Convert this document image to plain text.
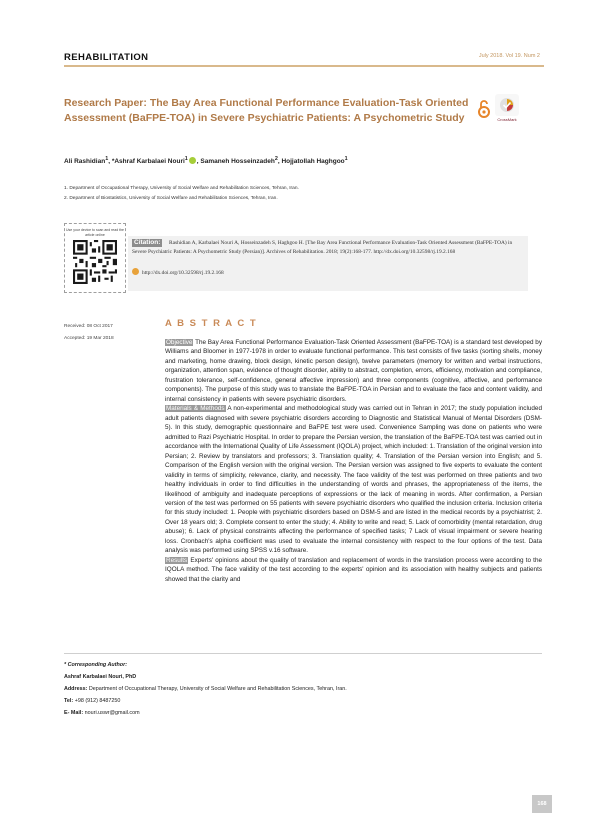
REHABILITATION	July 2018. Vol 19. Num 2
Research Paper: The Bay Area Functional Performance Evaluation-Task Oriented Assessment (BaFPE-TOA) in Severe Psychiatric Patients: A Psychometric Study	CrossMark
Ali Rashidian$^1$, *Ashraf Karbalaei Nouri$^1$ , Samaneh Hosseinzadeh$^2$, Hojjatollah Haghgoo$^1$
1. Department of Occupational Therapy, University of Social Welfare and Rehabilitation Sciences, Tehran, Iran.
2. Department of Biostatistics, University of Social Welfare and Rehabilitation Sciences, Tehran, Iran.
Use your device to scan and read the article online
Citation:	Rashidian A, Karbalaei Nouri A, Hosseinzadeh S, Haghgoo H. [The Bay Area Functional Performance Evaluation-Task Oriented Assessment (BaFPE-TOA) in Severe Psychiatric Patients: A Psychometric Study (Persian)]. Archives of Rehabilitation. 2018; 19(2):168-177. http://dx.doi.org/10.32598/rj.19.2.168
http://dx.doi.org/10.32598/rj.19.2.168
Received: 08 Oct 2017
Accepted: 19 Mar 2018
A B S T R A C T

Objective The Bay Area Functional Performance Evaluation-Task Oriented Assessment (BaFPE-TOA) is a standard test developed by Williams and Bloomer in 1977-1978 in order to evaluate functional performance. This test consists of five tasks (sorting shells, money and marketing, home drawing, block design, kinetic person design), twelve parameters (memory for written and verbal instructions, organization, attention span, evidence of thought disorder, ability to abstract, completion, errors, efficiency, motivation and compliance, frustration tolerance, self-confidence, general affective impression) and three components (cognitive, affective, and performance components). The purpose of this study was to translate the BaFPE-TOA in Persian and to evaluate the face and content validity, and internal consistency in patients with severe psychiatric disorders.

Materials & Methods A non-experimental and methodological study was carried out in Tehran in 2017; the study population included adult patients diagnosed with severe psychiatric disorders according to Diagnostic and Statistical Manual of Mental Disorders (DSM-5). In this study, demographic questionnaire and BaFPE test were used. Convenience Sampling was done on patients who were admitted to Razi Psychiatric Hospital. In order to prepare the Persian version, the translation of the BaFPE-TOA test was carried out in accordance with the International Quality of Life Assessment (IQOLA) project, which included: 1. Translation of the original version into Persian; 2. Review by translators and professors; 3. Translation quality; 4. Translation of the Persian version into English; and 5. Comparison of the English version with the original version. The Persian version was assigned to five experts to evaluate the content validity in terms of simplicity, relevance, clarity, and necessity. The face validity of the test was performed on three patients and two healthy individuals in order to find difficulties in the understanding of words and phrases, the appropriateness of the items, the likelihood of ambiguity and inadequate perceptions of expressions or the lack of meaning in words. After confirmation, a Persian version of the test was performed on 55 patients with severe psychiatric disorders who qualified the inclusion criteria. Inclusion criteria for this study included: 1. People with psychiatric disorders based on DSM-5 and are listed in the medical records by a psychiatrist; 2. Over 18 years old; 3. Complete consent to enter the study; 4. Ability to write and read; 5. Lack of comorbidity (mental retardation, drug abuse); 6. Lack of physical constraints affecting the performance of specified tasks; 7 Lack of visual impairment or severe hearing loss. Cronbach's alpha coefficient was used to evaluate the internal consistency with respect to the four options of the test. Data analysis was performed using SPSS v.16 software.

Results Experts' opinions about the quality of translation and replacement of words in the translation process were according to the IQOLA method. The face validity of the test according to the experts' opinion and its association with healthy subjects and patients showed that the clarity and

* Corresponding Author:
Ashraf Karbalaei Nouri, PhD
Address: Department of Occupational Therapy, University of Social Welfare and Rehabilitation Sciences, Tehran, Iran.
Tel: +98 (912) 8487250
E- Mail: nouri.uswr@gmail.com
168
